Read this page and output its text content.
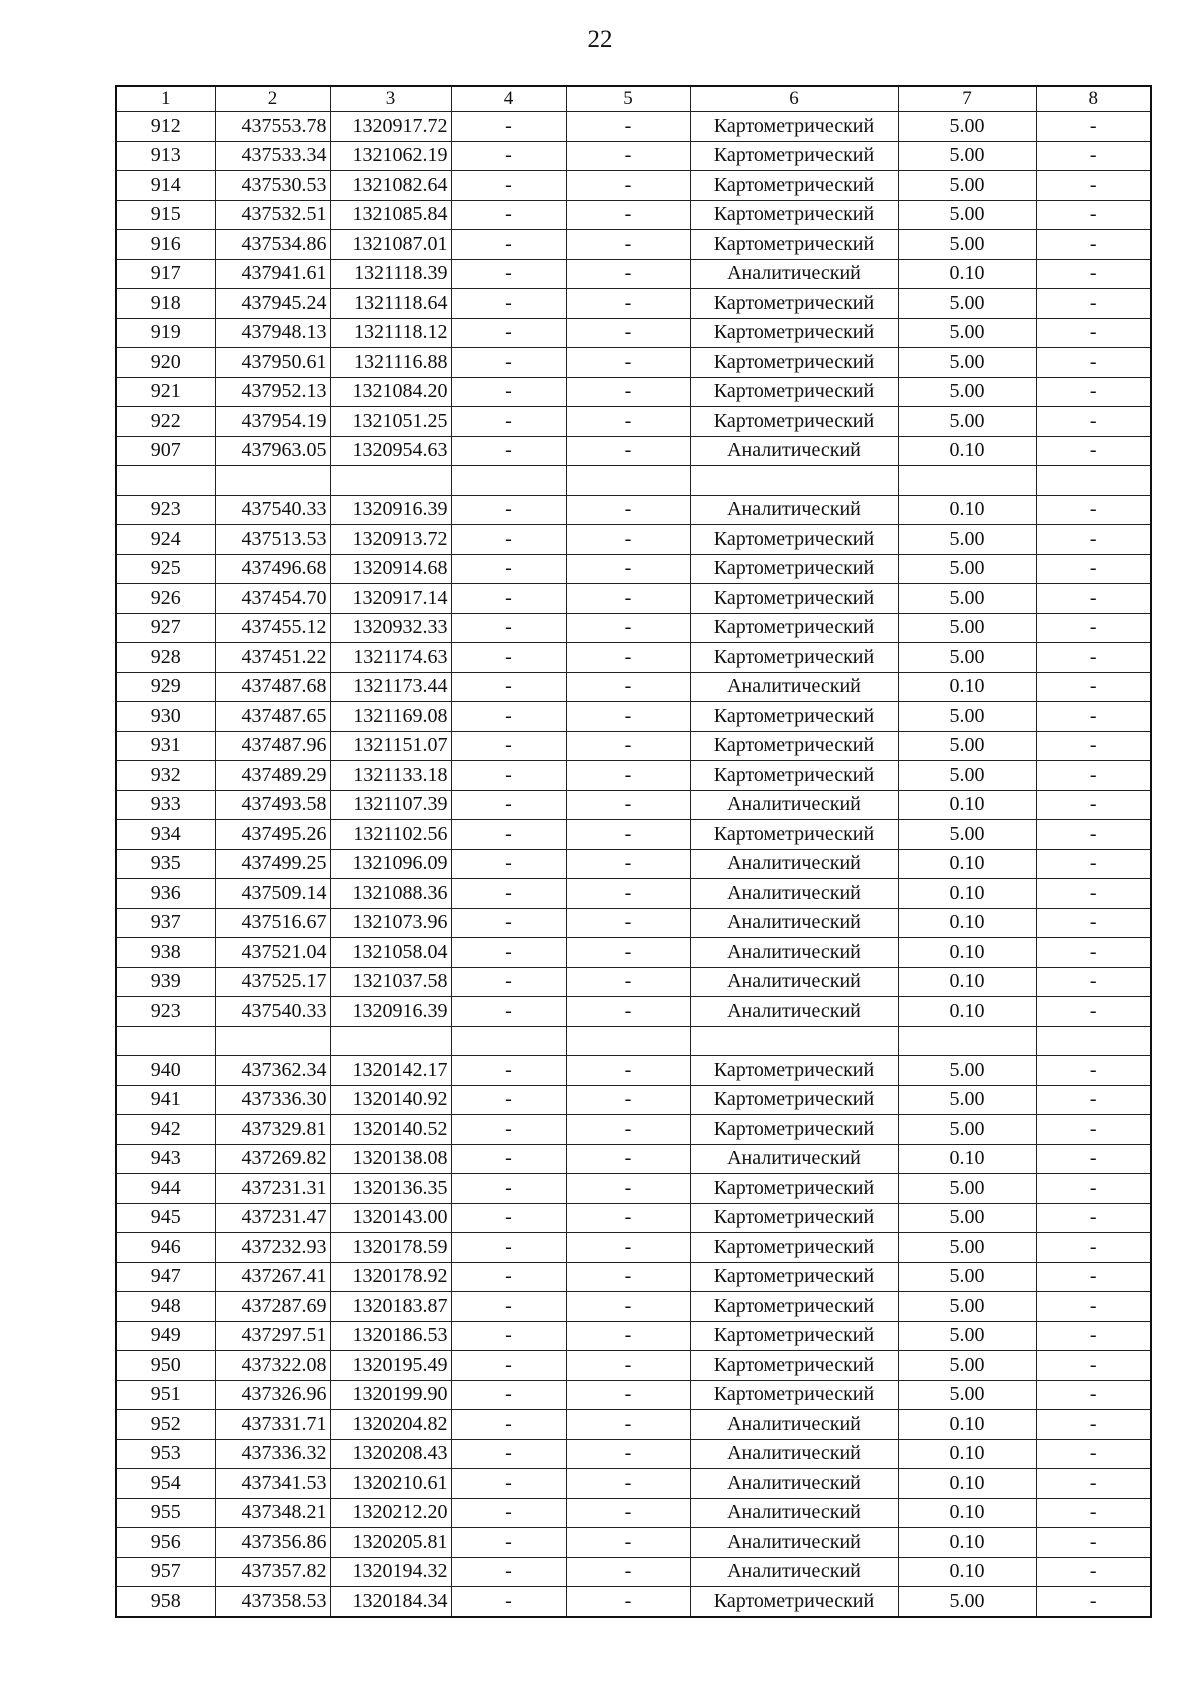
22
1	2	3	4	5	6	7	8
912	437553.78	1320917.72	-	-	Картометрический	5.00	-
913	437533.34	1321062.19	-	-	Картометрический	5.00	-
914	437530.53	1321082.64	-	-	Картометрический	5.00	-
915	437532.51	1321085.84	-	-	Картометрический	5.00	-
916	437534.86	1321087.01	-	-	Картометрический	5.00	-
917	437941.61	1321118.39	-	-	Аналитический	0.10	-
918	437945.24	1321118.64	-	-	Картометрический	5.00	-
919	437948.13	1321118.12	-	-	Картометрический	5.00	-
920	437950.61	1321116.88	-	-	Картометрический	5.00	-
921	437952.13	1321084.20	-	-	Картометрический	5.00	-
922	437954.19	1321051.25	-	-	Картометрический	5.00	-
907	437963.05	1320954.63	-	-	Аналитический	0.10	-

923	437540.33	1320916.39	-	-	Аналитический	0.10	-
924	437513.53	1320913.72	-	-	Картометрический	5.00	-
925	437496.68	1320914.68	-	-	Картометрический	5.00	-
926	437454.70	1320917.14	-	-	Картометрический	5.00	-
927	437455.12	1320932.33	-	-	Картометрический	5.00	-
928	437451.22	1321174.63	-	-	Картометрический	5.00	-
929	437487.68	1321173.44	-	-	Аналитический	0.10	-
930	437487.65	1321169.08	-	-	Картометрический	5.00	-
931	437487.96	1321151.07	-	-	Картометрический	5.00	-
932	437489.29	1321133.18	-	-	Картометрический	5.00	-
933	437493.58	1321107.39	-	-	Аналитический	0.10	-
934	437495.26	1321102.56	-	-	Картометрический	5.00	-
935	437499.25	1321096.09	-	-	Аналитический	0.10	-
936	437509.14	1321088.36	-	-	Аналитический	0.10	-
937	437516.67	1321073.96	-	-	Аналитический	0.10	-
938	437521.04	1321058.04	-	-	Аналитический	0.10	-
939	437525.17	1321037.58	-	-	Аналитический	0.10	-
923	437540.33	1320916.39	-	-	Аналитический	0.10	-

940	437362.34	1320142.17	-	-	Картометрический	5.00	-
941	437336.30	1320140.92	-	-	Картометрический	5.00	-
942	437329.81	1320140.52	-	-	Картометрический	5.00	-
943	437269.82	1320138.08	-	-	Аналитический	0.10	-
944	437231.31	1320136.35	-	-	Картометрический	5.00	-
945	437231.47	1320143.00	-	-	Картометрический	5.00	-
946	437232.93	1320178.59	-	-	Картометрический	5.00	-
947	437267.41	1320178.92	-	-	Картометрический	5.00	-
948	437287.69	1320183.87	-	-	Картометрический	5.00	-
949	437297.51	1320186.53	-	-	Картометрический	5.00	-
950	437322.08	1320195.49	-	-	Картометрический	5.00	-
951	437326.96	1320199.90	-	-	Картометрический	5.00	-
952	437331.71	1320204.82	-	-	Аналитический	0.10	-
953	437336.32	1320208.43	-	-	Аналитический	0.10	-
954	437341.53	1320210.61	-	-	Аналитический	0.10	-
955	437348.21	1320212.20	-	-	Аналитический	0.10	-
956	437356.86	1320205.81	-	-	Аналитический	0.10	-
957	437357.82	1320194.32	-	-	Аналитический	0.10	-
958	437358.53	1320184.34	-	-	Картометрический	5.00	-
